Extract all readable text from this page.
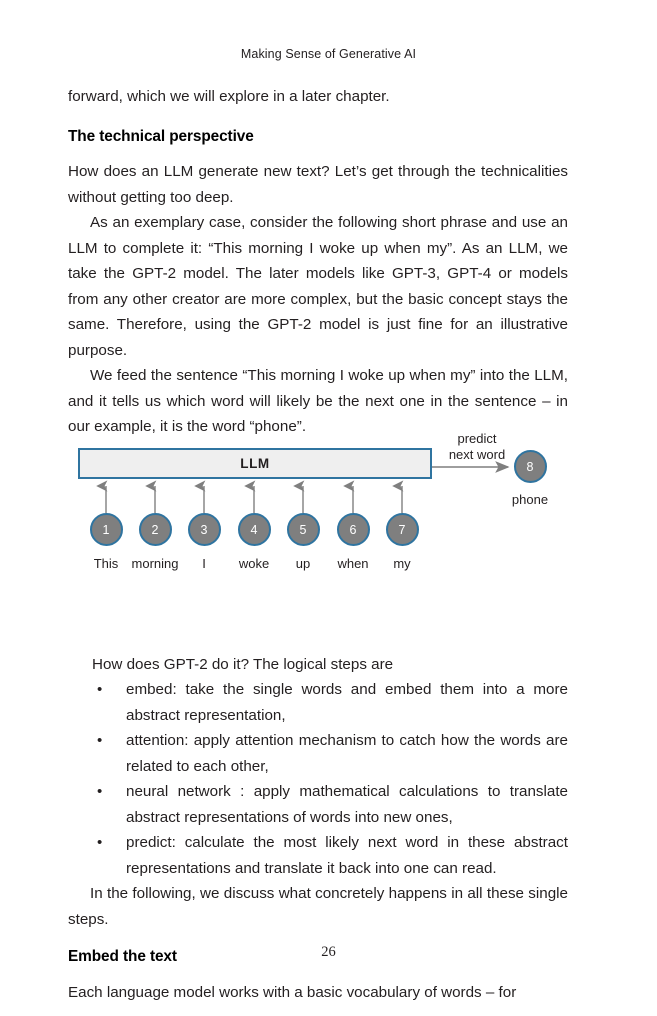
Making Sense of Generative AI

forward, which we will explore in a later chapter.

The technical perspective

How does an LLM generate new text? Let’s get through the technicalities without getting too deep.

As an exemplary case, consider the following short phrase and use an LLM to complete it: “This morning I woke up when my”. As an LLM, we take the GPT-2 model. The later models like GPT-3, GPT-4 or models from any other creator are more complex, but the basic concept stays the same. Therefore, using the GPT-2 model is just fine for an illustrative purpose.

We feed the sentence “This morning I woke up when my” into the LLM, and it tells us which word will likely be the next one in the sentence – in our example, it is the word “phone”.

How does GPT-2 do it? The logical steps are

• embed: take the single words and embed them into a more abstract representation,
• attention: apply attention mechanism to catch how the words are related to each other,
• neural network : apply mathematical calculations to translate abstract representations of words into new ones,
• predict: calculate the most likely next word in these abstract representations and translate it back into one can read.

In the following, we discuss what concretely happens in all these single steps.

Embed the text

Each language model works with a basic vocabulary of words – for

LLM
predict
next word
1	2	3	4	5	6	7
8
phone
This morning I	woke up when my
26
